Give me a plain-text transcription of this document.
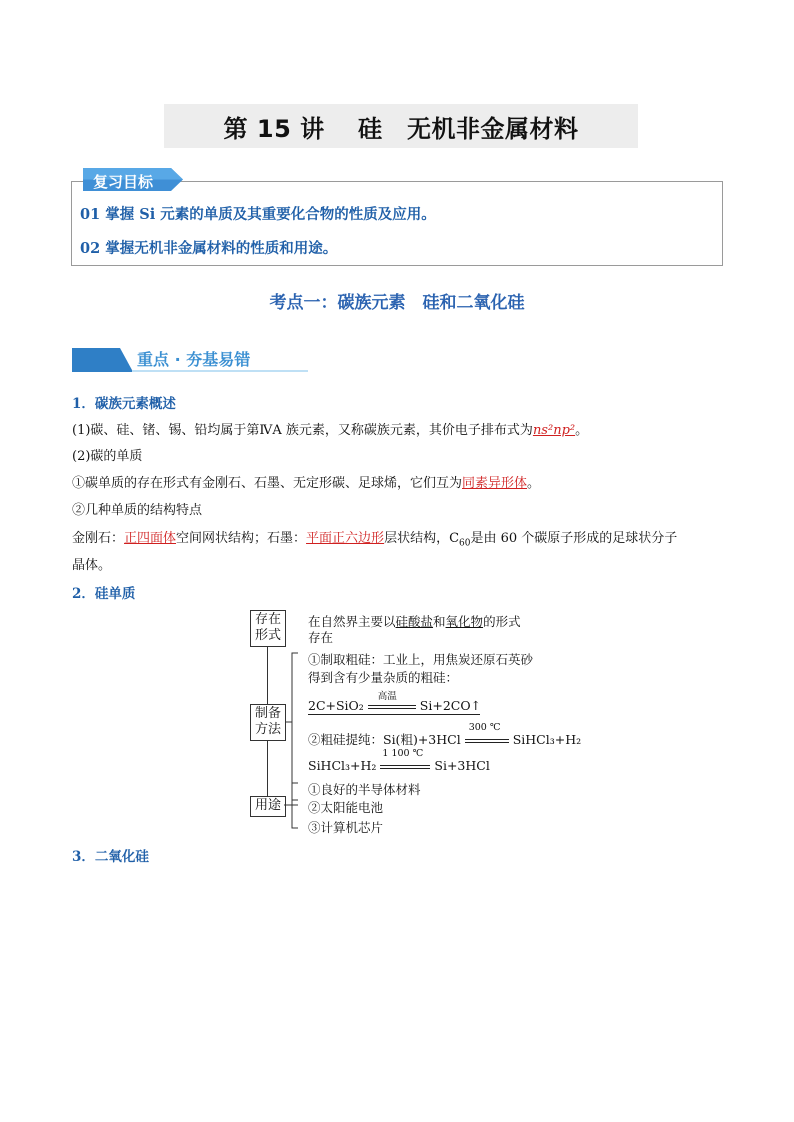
第 15 讲　 硅　无机非金属材料
复习目标
01 掌握 Si 元素的单质及其重要化合物的性质及应用。
02 掌握无机非金属材料的性质和用途。
考点一：碳族元素　硅和二氧化硅
重点 · 夯基易错
1．碳族元素概述
(1)碳、硅、锗、锡、铅均属于第ⅣA 族元素，又称碳族元素，其价电子排布式为ns²np²。
(2)碳的单质
①碳单质的存在形式有金刚石、石墨、无定形碳、足球烯，它们互为同素异形体。
②几种单质的结构特点
金刚石：正四面体空间网状结构；石墨：平面正六边形层状结构，$C_{60}$是由 60 个碳原子形成的足球状分子
晶体。
2．硅单质
存在
形式
在自然界主要以硅酸盐和氧化物的形式
存在
制备
方法
①制取粗硅：工业上，用焦炭还原石英砂
得到含有少量杂质的粗硅：
2C+SiO₂
高温
Si+2CO↑
②粗硅提纯：Si(粗)+3HCl
300 ℃
SiHCl₃+H₂
SiHCl₃+H₂
1 100 ℃
Si+3HCl
用途
①良好的半导体材料
②太阳能电池
③计算机芯片
3．二氧化硅
